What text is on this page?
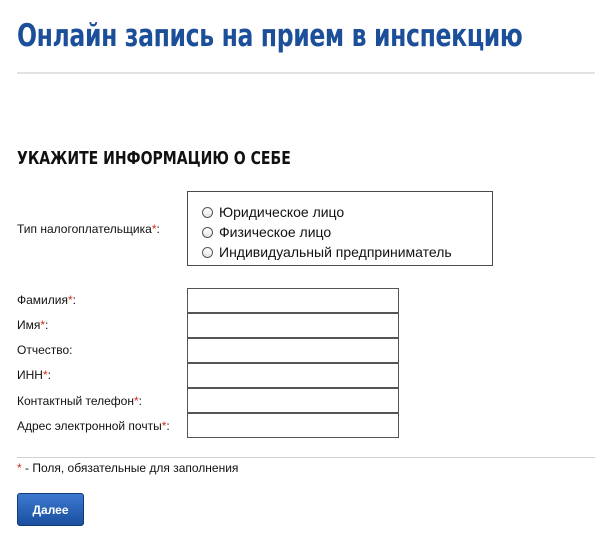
Онлайн запись на прием в инспекцию
УКАЖИТЕ ИНФОРМАЦИЮ О СЕБЕ
Тип налогоплательщика*:
Юридическое лицо
Физическое лицо
Индивидуальный предприниматель
Фамилия*:
Имя*:
Отчество:
ИНН*:
Контактный телефон*:
Адрес электронной почты*:
* - Поля, обязательные для заполнения
Далее
